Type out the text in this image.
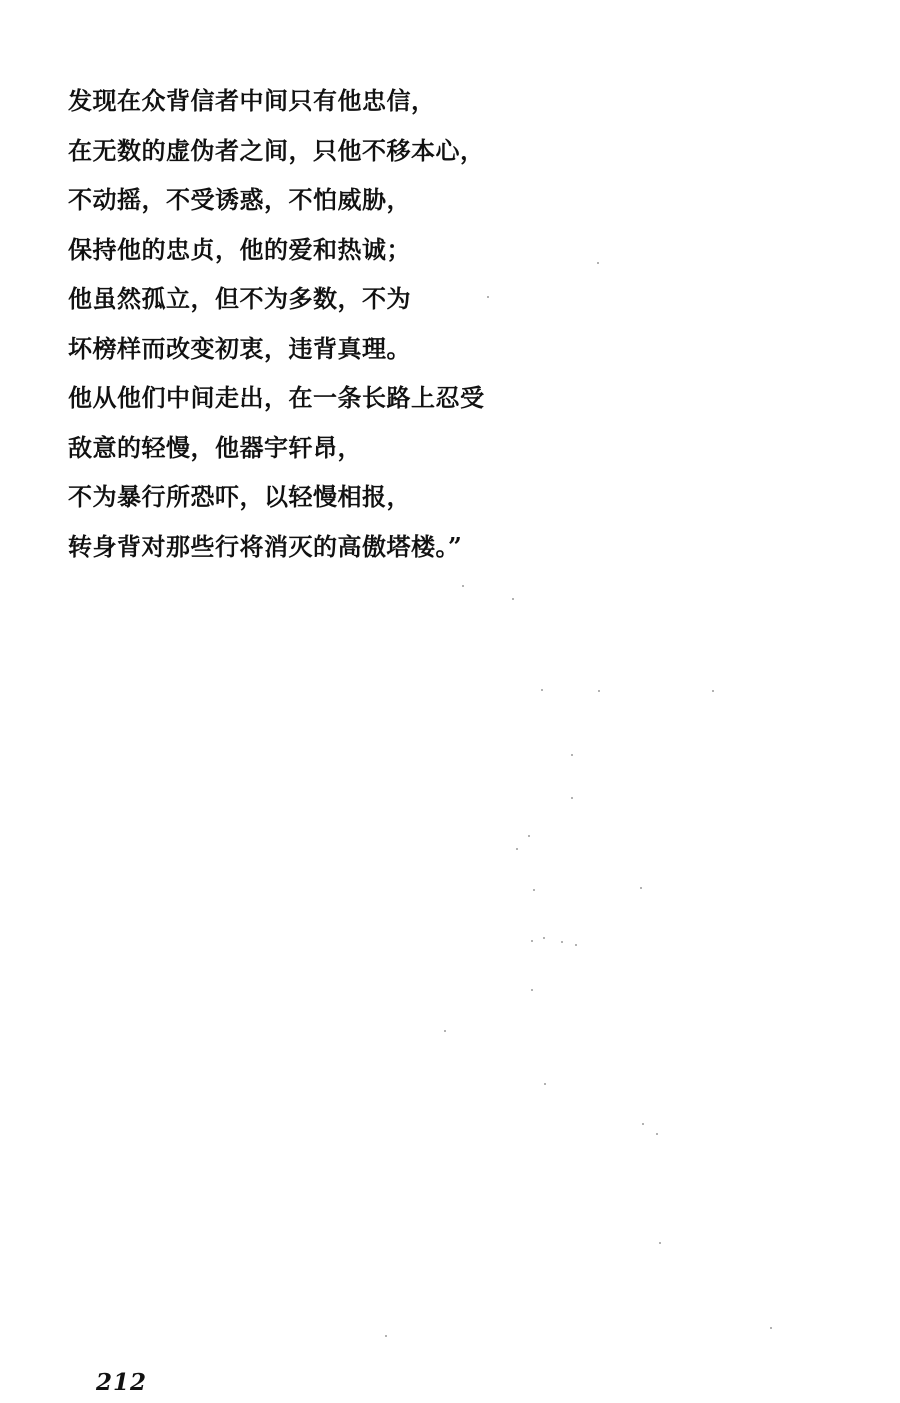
发现在众背信者中间只有他忠信，
在无数的虚伪者之间，只他不移本心，
不动摇，不受诱惑，不怕威胁，
保持他的忠贞，他的爱和热诚；
他虽然孤立，但不为多数，不为
坏榜样而改变初衷，违背真理。
他从他们中间走出，在一条长路上忍受
敌意的轻慢，他器宇轩昂，
不为暴行所恐吓，以轻慢相报，
转身背对那些行将消灭的高傲塔楼。”
212
